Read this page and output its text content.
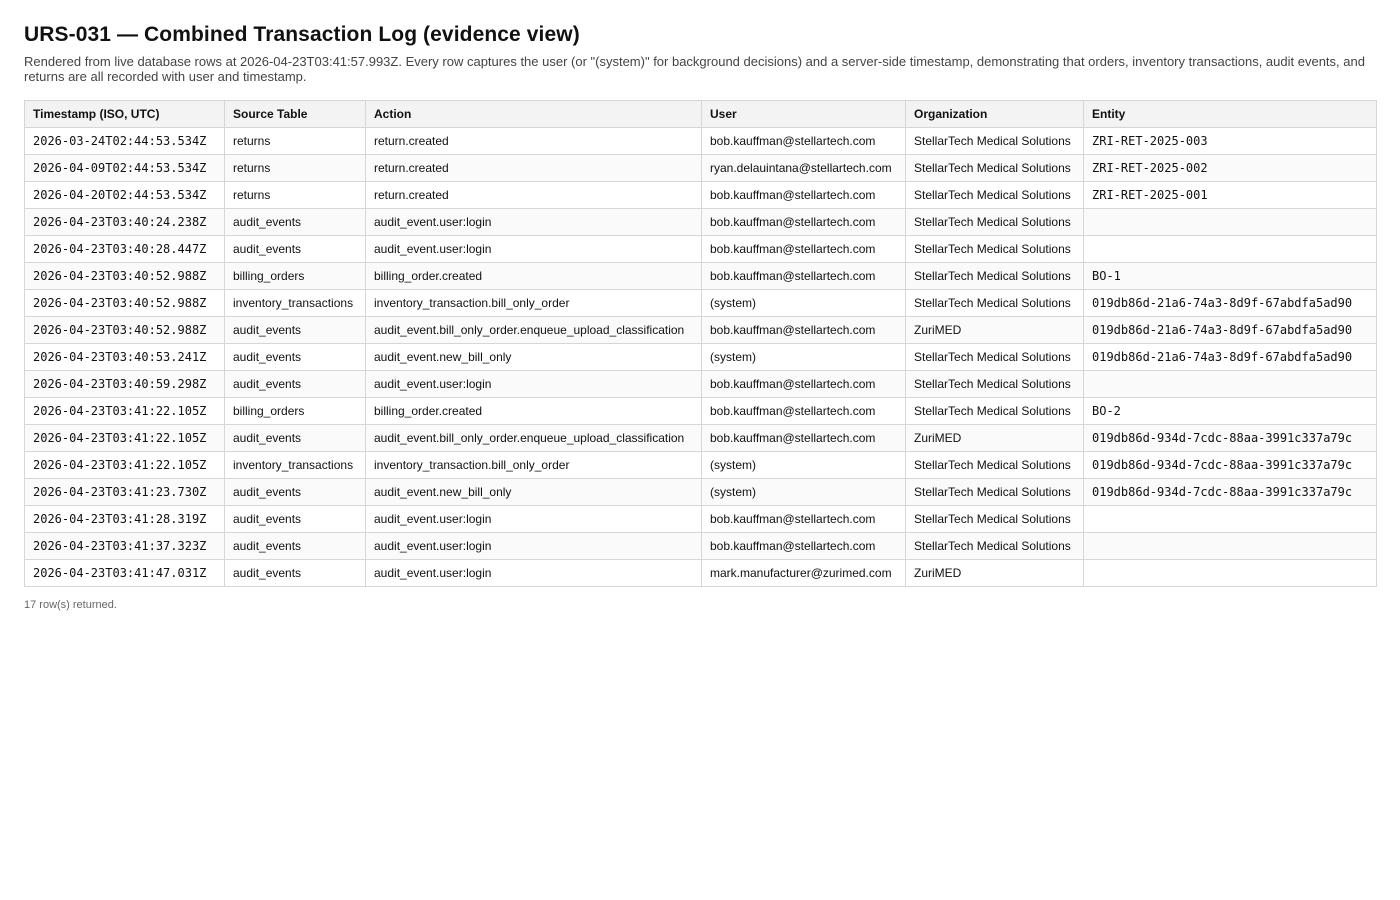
URS-031 — Combined Transaction Log (evidence view)

Rendered from live database rows at 2026-04-23T03:41:57.993Z. Every row captures the user (or "(system)" for background decisions) and a server-side timestamp, demonstrating that orders, inventory transactions, audit events, and returns are all recorded with user and timestamp.

Timestamp (ISO, UTC)	Source Table	Action	User	Organization	Entity
2026-03-24T02:44:53.534Z	returns	return.created	bob.kauffman@stellartech.com	StellarTech Medical Solutions	ZRI-RET-2025-003
2026-04-09T02:44:53.534Z	returns	return.created	ryan.delauintana@stellartech.com	StellarTech Medical Solutions	ZRI-RET-2025-002
2026-04-20T02:44:53.534Z	returns	return.created	bob.kauffman@stellartech.com	StellarTech Medical Solutions	ZRI-RET-2025-001
2026-04-23T03:40:24.238Z	audit_events	audit_event.user:login	bob.kauffman@stellartech.com	StellarTech Medical Solutions	
2026-04-23T03:40:28.447Z	audit_events	audit_event.user:login	bob.kauffman@stellartech.com	StellarTech Medical Solutions	
2026-04-23T03:40:52.988Z	billing_orders	billing_order.created	bob.kauffman@stellartech.com	StellarTech Medical Solutions	BO-1
2026-04-23T03:40:52.988Z	inventory_transactions	inventory_transaction.bill_only_order	(system)	StellarTech Medical Solutions	019db86d-21a6-74a3-8d9f-67abdfa5ad90
2026-04-23T03:40:52.988Z	audit_events	audit_event.bill_only_order.enqueue_upload_classification	bob.kauffman@stellartech.com	ZuriMED	019db86d-21a6-74a3-8d9f-67abdfa5ad90
2026-04-23T03:40:53.241Z	audit_events	audit_event.new_bill_only	(system)	StellarTech Medical Solutions	019db86d-21a6-74a3-8d9f-67abdfa5ad90
2026-04-23T03:40:59.298Z	audit_events	audit_event.user:login	bob.kauffman@stellartech.com	StellarTech Medical Solutions	
2026-04-23T03:41:22.105Z	billing_orders	billing_order.created	bob.kauffman@stellartech.com	StellarTech Medical Solutions	BO-2
2026-04-23T03:41:22.105Z	audit_events	audit_event.bill_only_order.enqueue_upload_classification	bob.kauffman@stellartech.com	ZuriMED	019db86d-934d-7cdc-88aa-3991c337a79c
2026-04-23T03:41:22.105Z	inventory_transactions	inventory_transaction.bill_only_order	(system)	StellarTech Medical Solutions	019db86d-934d-7cdc-88aa-3991c337a79c
2026-04-23T03:41:23.730Z	audit_events	audit_event.new_bill_only	(system)	StellarTech Medical Solutions	019db86d-934d-7cdc-88aa-3991c337a79c
2026-04-23T03:41:28.319Z	audit_events	audit_event.user:login	bob.kauffman@stellartech.com	StellarTech Medical Solutions	
2026-04-23T03:41:37.323Z	audit_events	audit_event.user:login	bob.kauffman@stellartech.com	StellarTech Medical Solutions	
2026-04-23T03:41:47.031Z	audit_events	audit_event.user:login	mark.manufacturer@zurimed.com	ZuriMED	
17 row(s) returned.
